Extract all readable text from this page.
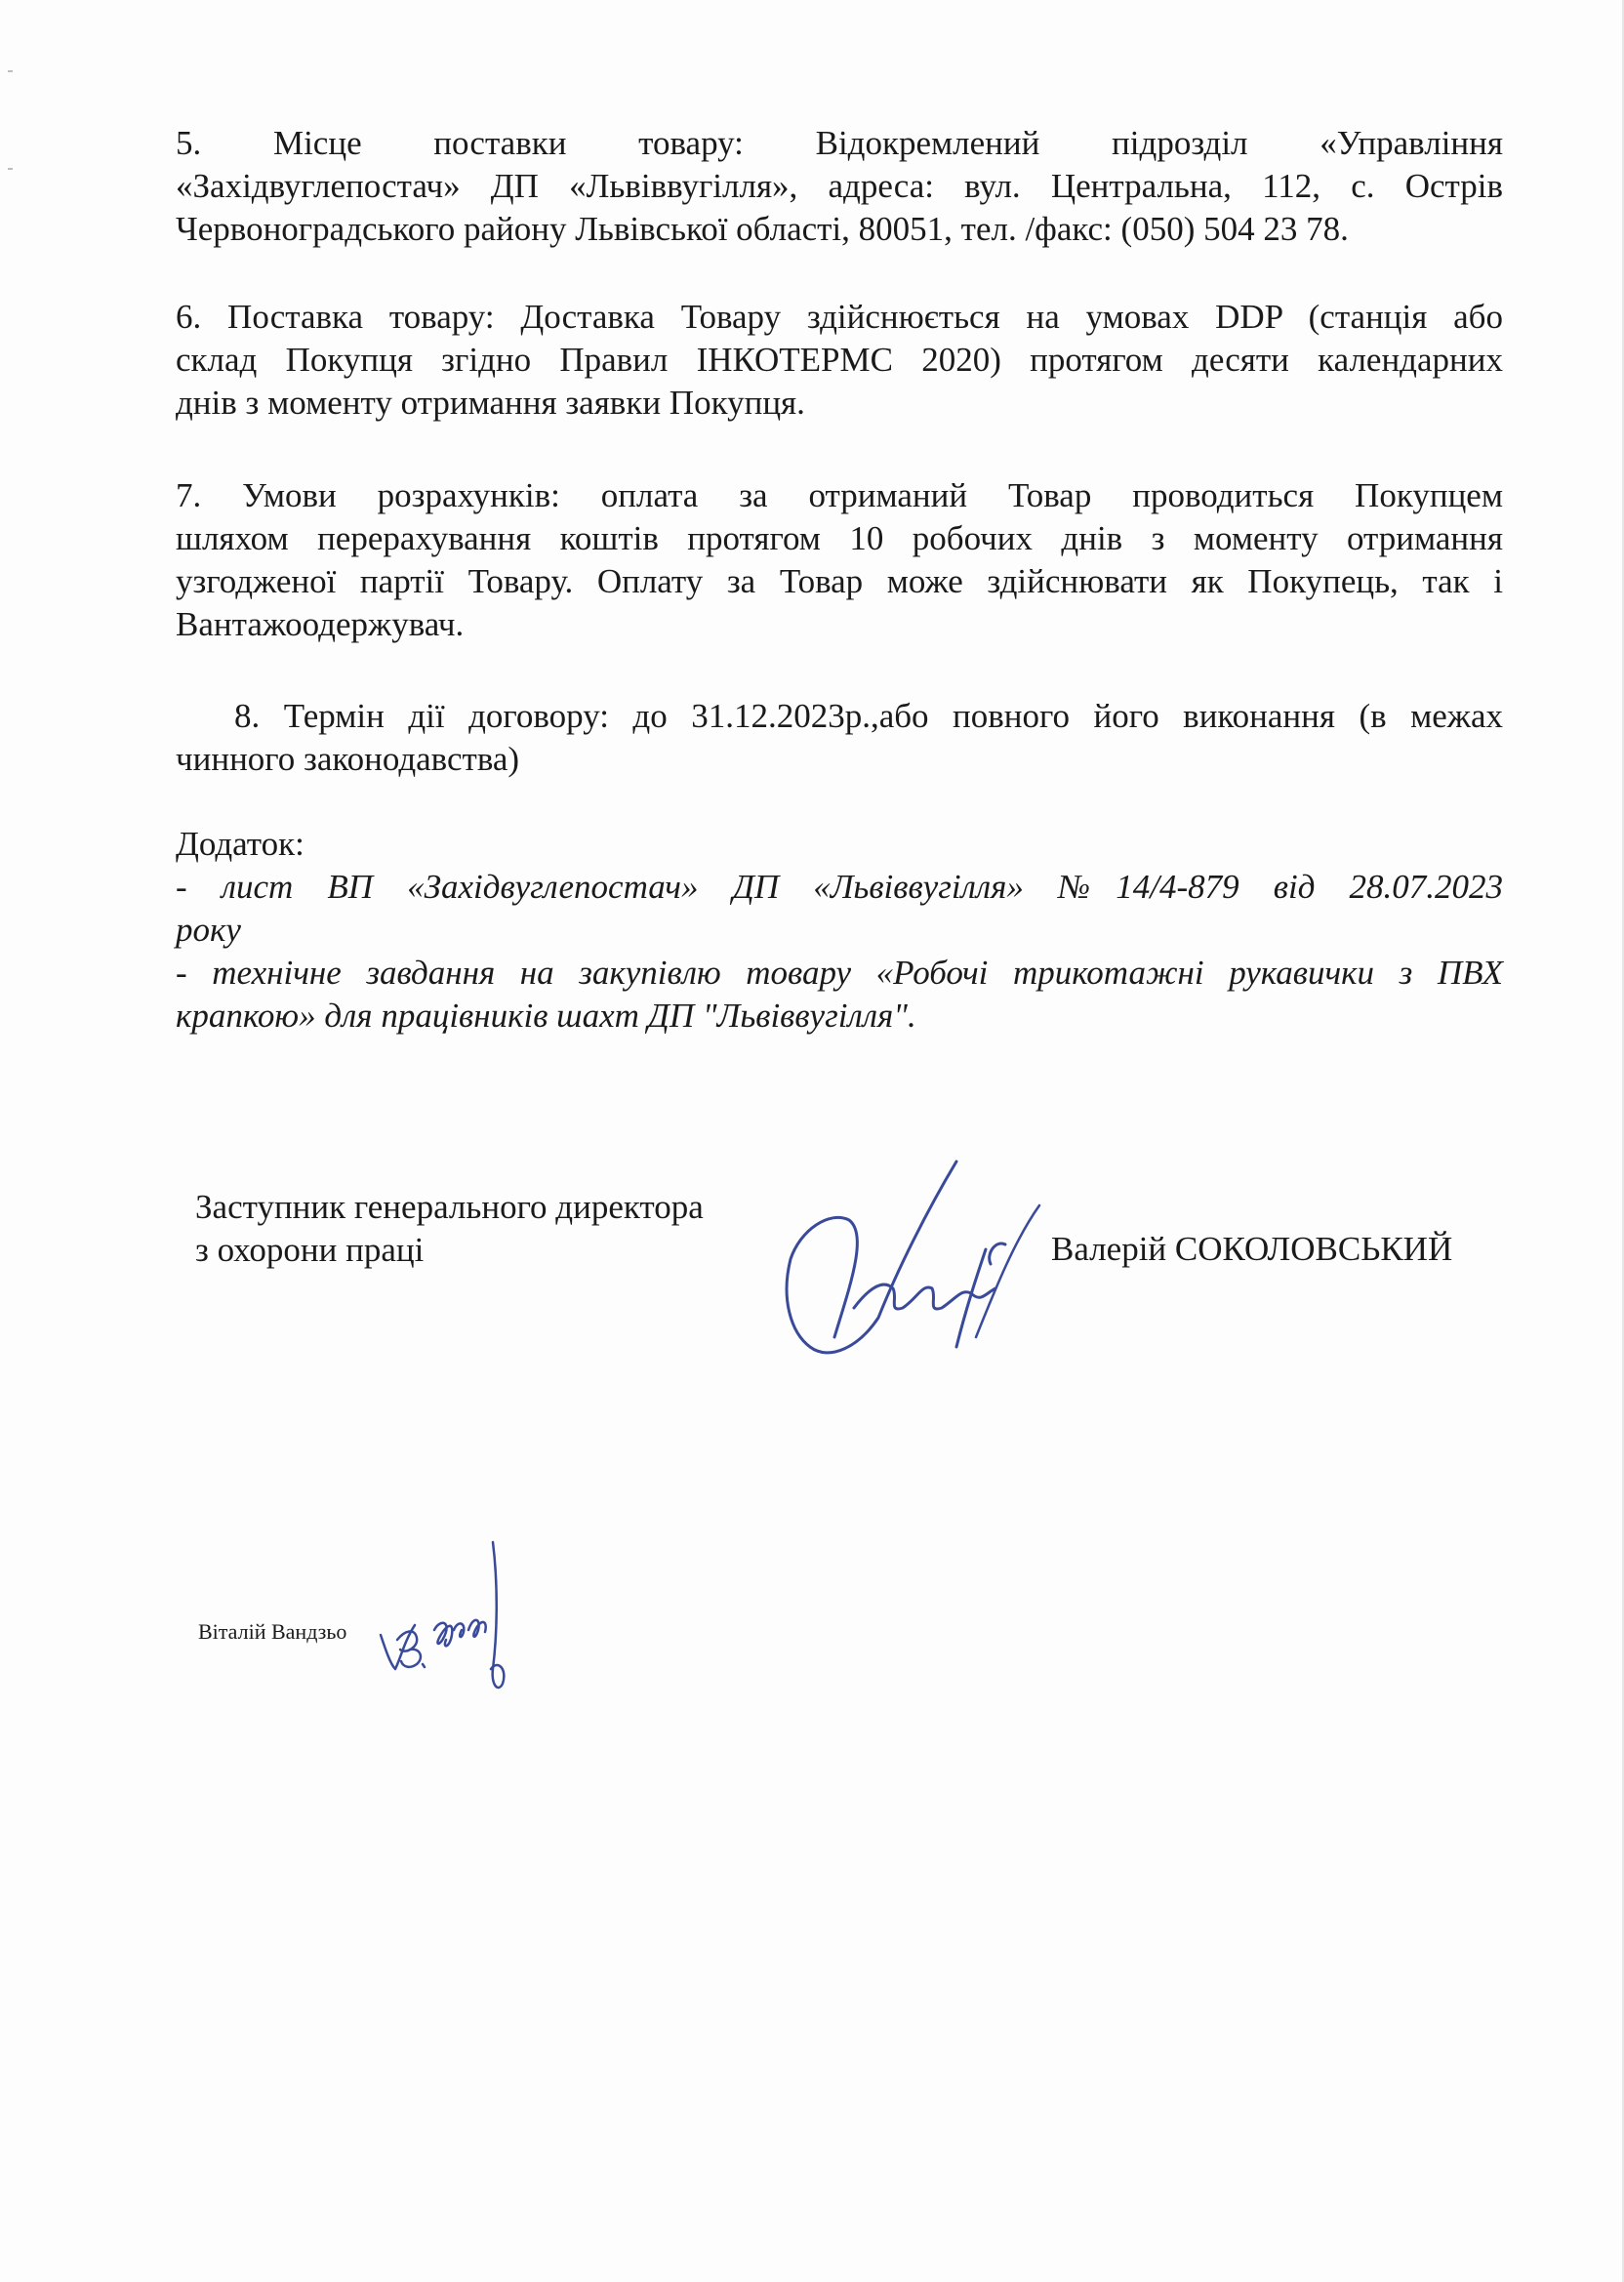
5. Місце поставки товару: Відокремлений підрозділ «Управління
«Західвуглепостач» ДП «Львіввугілля», адреса: вул. Центральна, 112, с. Острів
Червоноградського району Львівської області, 80051, тел. /факс: (050) 504 23 78.
6. Поставка товару: Доставка Товару здійснюється на умовах DDP (станція або
склад Покупця згідно Правил ІНКОТЕРМС 2020) протягом десяти календарних
днів з моменту отримання заявки Покупця.
7. Умови розрахунків: оплата за отриманий Товар проводиться Покупцем
шляхом перерахування коштів протягом 10 робочих днів з моменту отримання
узгодженої партії Товару. Оплату за Товар може здійснювати як Покупець, так і
Вантажоодержувач.
8. Термін дії договору: до 31.12.2023р.,або повного його виконання (в межах
чинного законодавства)
Додаток:
- лист ВП «Західвуглепостач» ДП «Львіввугілля» №14/4-879 від 28.07.2023
року
- технічне завдання на закупівлю товару «Робочі трикотажні рукавички з ПВХ
крапкою» для працівників шахт ДП "Львіввугілля".
Заступник генерального директора
з охорони праці	Валерій СОКОЛОВСЬКИЙ
Віталій Вандзьо
